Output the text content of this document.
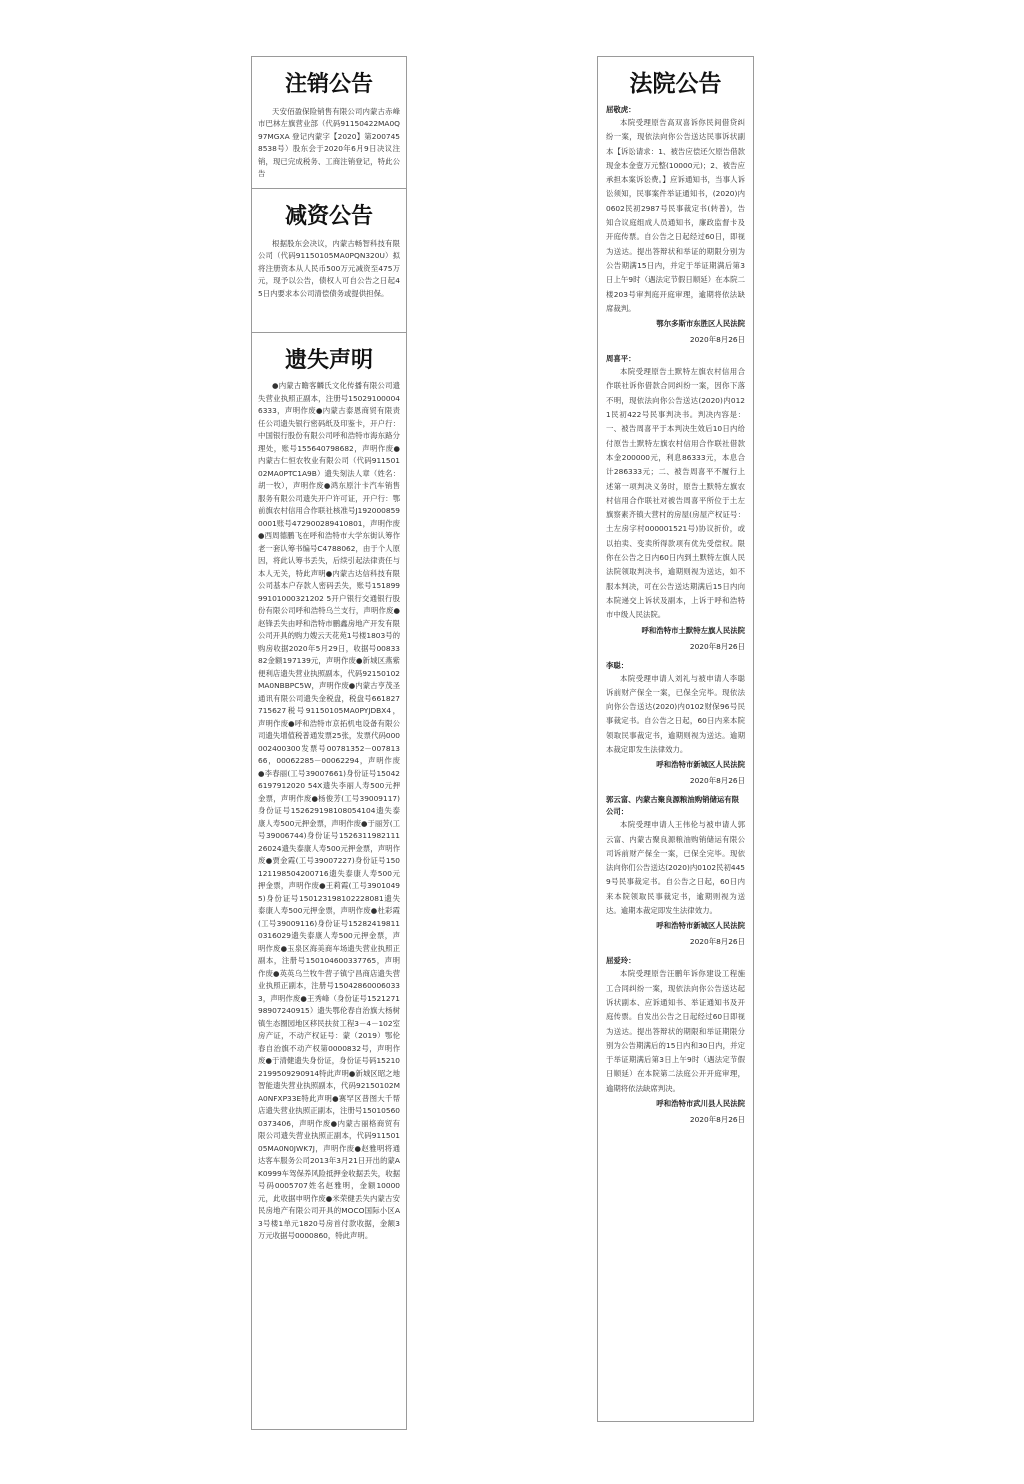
注销公告

天安佰盈保险销售有限公司内蒙古赤峰市巴林左旗营业部（代码91150422MA0Q97MGXA 登记内蒙字【2020】第2007458538号）股东会于2020年6月9日决议注销，现已完成税务、工商注销登记，特此公告

减资公告

根据股东会决议，内蒙古畅智科技有限公司（代码91150105MA0PQN320U）拟将注册资本从人民币500万元减资至475万元，现予以公告，债权人可自公告之日起45日内要求本公司清偿债务或提供担保。

遗失声明

●内蒙古瞻客麟氏文化传播有限公司遗失营业执照正副本，注册号150291000046333，声明作废●内蒙古泰恩商贸有限责任公司遗失银行密码纸及印鉴卡，开户行：中国银行股份有限公司呼和浩特市海东路分理处，账号155640798682，声明作废●内蒙古仁恒农牧业有限公司（代码91150102MA0PTC1A9B）遗失刻法人章（姓名：胡一牧），声明作废●鸿东原汁卡汽车销售服务有限公司遗失开户许可证，开户行：鄂前旗农村信用合作联社核准号J1920008590001账号472900289410801，声明作废●西周德鹏飞在呼和浩特市大学东街认筹作老一套认筹书编号C4788062，由于个人原因，将此认筹书丢失，后续引起法律责任与本人无关，特此声明●内蒙古达信科技有限公司基本户存款人密码丢失，账号15189999101000321202 5开户银行交通银行股份有限公司呼和浩特乌兰支行，声明作废●赵锋丢失由呼和浩特市鹏鑫房地产开发有限公司开具的购力嫂云天花苑1号楼1803号的购房收据2020年5月29日，收据号0083382金额197139元，声明作废●新城区燕紫便利店遗失营业执照副本，代码92150102MA0NBBPC5W，声明作废●内蒙古亨茂圣通讯有限公司遗失金税盘，税盘号661827715627税号91150105MA0PYJDBX4，声明作废●呼和浩特市京拓机电设备有限公司遗失增值税普通发票25张，发票代码000002400300发票号00781352－00781366，00062285－00062294，声明作废●李春丽(工号39007661)身份证号150426197912020 54X遗失李丽人寿500元押金票，声明作废●杨俊芳(工号39009117)身份证号152629198108054104遗失泰康人寿500元押金票，声明作废●于丽芳(工号39006744)身份证号152631198211126024遗失泰康人寿500元押金票，声明作废●贾金霞(工号39007227)身份证号150121198504200716遗失泰康人寿500元押金票，声明作废●王莉霞(工号39010495)身份证号150123198102228081遗失泰康人寿500元押金票，声明作废●杜彩霞(工号39009116)身份证号152824198110316029遗失泰康人寿500元押金票，声明作废●玉泉区海美商车场遗失营业执照正副本，注册号150104600337765，声明作废●英英乌兰牧牛营子镇宁昌商店遗失营业执照正副本，注册号150428600060333，声明作废●王秀峰（身份证号152127198907240915）遗失鄂伦春自治旗大杨树镇生态圈园地区移民扶贫工程3－4－102室房产证，不动产权证号：蒙（2019）鄂伦春自治旗不动产权第0000832号，声明作废●于清健遗失身份证，身份证号码152102199509290914特此声明●新城区昭之地智能遗失营业执照副本，代码92150102MA0NFXP33E特此声明●赛罕区普图大千帮店遗失营业执照正副本，注册号150105600373406，声明作废●内蒙古丽格商贸有限公司遗失营业执照正副本，代码91150105MA0N0JWK7J，声明作废●赵雅明将通达客车服务公司2013年3月21日开出的蒙AK0999车驾保养风险抵押金收据丢失，收据号码0005707姓名赵雅明，金额10000元，此收据申明作废●米荣健丢失内蒙古安民房地产有限公司开具的MOCO国际小区A3号楼1单元1820号房首付款收据，金额3万元收据号0000860，特此声明。

法院公告

屈敬虎：

本院受理原告高双喜诉你民间借贷纠纷一案，现依法向你公告送达民事诉状副本【诉讼请求：1、被告应偿还欠原告借款现金本金壹万元整(10000元)；2、被告应承担本案诉讼费。】应诉通知书，当事人诉讼须知，民事案件举证通知书，(2020)内0602民初2987号民事裁定书(转普)，告知合议庭组成人员通知书，廉政监督卡及开庭传票。自公告之日起经过60日，即视为送达。提出答辩状和举证的期限分别为公告期满15日内，并定于举证期满后第3日上午9时（遇法定节假日顺延）在本院二楼203号审判庭开庭审理，逾期将依法缺席裁判。

鄂尔多斯市东胜区人民法院

2020年8月26日

周喜平：

本院受理原告土默特左旗农村信用合作联社诉你借款合同纠纷一案，因你下落不明，现依法向你公告送达(2020)内0121民初422号民事判决书。判决内容是：一、被告周喜平于本判决生效后10日内给付原告土默特左旗农村信用合作联社借款本金200000元，利息86333元，本息合计286333元；二、被告周喜平不履行上述第一项判决义务时，原告土默特左旗农村信用合作联社对被告周喜平所位于土左旗察素齐镇大营村的房屋(房屋产权证号：土左房字村000001521号)协议折价，或以拍卖、变卖所得款项有优先受偿权。限你在公告之日内60日内到土默特左旗人民法院领取判决书，逾期则视为送达，如不服本判决，可在公告送达期满后15日内向本院递交上诉状及副本，上诉于呼和浩特市中级人民法院。

呼和浩特市土默特左旗人民法院

2020年8月26日

李聪：

本院受理申请人刘礼与被申请人李聪诉前财产保全一案，已保全完毕。现依法向你公告送达(2020)内0102财保96号民事裁定书。自公告之日起，60日内来本院领取民事裁定书，逾期则视为送达。逾期本裁定即发生法律效力。

呼和浩特市新城区人民法院

2020年8月26日

郭云富、内蒙古聚良源粮油购销储运有限公司：

本院受理申请人王伟伦与被申请人郭云富、内蒙古聚良源粮油购销储运有限公司诉前财产保全一案，已保全完毕。现依法向你们公告送达(2020)内0102民初4459号民事裁定书。自公告之日起，60日内来本院领取民事裁定书，逾期则视为送达。逾期本裁定即发生法律效力。

呼和浩特市新城区人民法院

2020年8月26日

屈爱玲：

本院受理原告汪鹏年诉你建设工程施工合同纠纷一案，现依法向你公告送达起诉状副本、应诉通知书、举证通知书及开庭传票。自发出公告之日起经过60日即视为送达。提出答辩状的期限和举证期限分别为公告期满后的15日内和30日内，并定于举证期满后第3日上午9时（遇法定节假日顺延）在本院第二法庭公开开庭审理，逾期将依法缺席判决。

呼和浩特市武川县人民法院

2020年8月26日
